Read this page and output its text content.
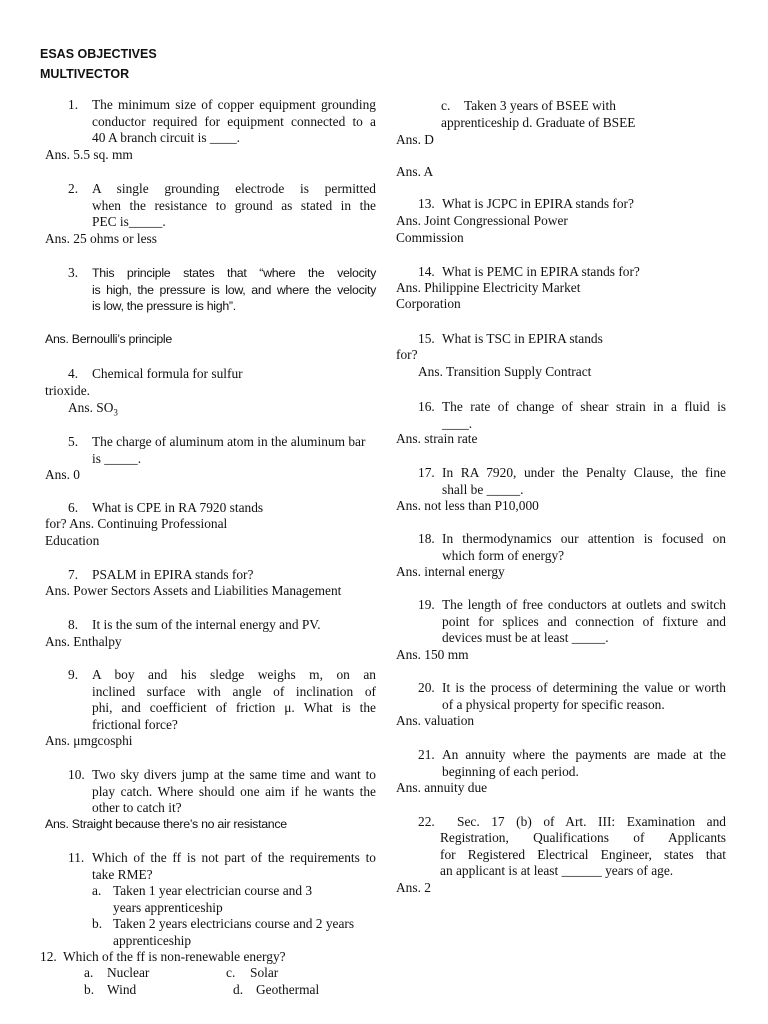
ESAS OBJECTIVES
MULTIVECTOR
1. The minimum size of copper equipment grounding
conductor required for equipment connected to a
40 A branch circuit is ____.
Ans. 5.5 sq. mm
2. A single grounding electrode is permitted
when the resistance to ground as stated in the
PEC is_____.
Ans. 25 ohms or less
3. This principle states that “where the velocity
is high, the pressure is low, and where the velocity
is low, the pressure is high”.
Ans. Bernoulli’s principle
4. Chemical formula for sulfur
trioxide.
Ans. $SO_3$
5. The charge of aluminum atom in the aluminum bar
is _____.
Ans. 0
6. What is CPE in RA 7920 stands
for? Ans. Continuing Professional
Education
7. PSALM in EPIRA stands for?
Ans. Power Sectors Assets and Liabilities Management
8. It is the sum of the internal energy and PV.
Ans. Enthalpy
9. A boy and his sledge weighs m, on an
inclined surface with angle of inclination of
phi, and coefficient of friction μ. What is the
frictional force?
Ans. μmgcosphi
10. Two sky divers jump at the same time and want to
play catch. Where should one aim if he wants the
other to catch it?
Ans. Straight because there’s no air resistance
11. Which of the ff is not part of the requirements to
take RME?
a. Taken 1 year electrician course and 3
years apprenticeship
b. Taken 2 years electricians course and 2 years
apprenticeship
12. Which of the ff is non-renewable energy?
a. Nuclear	c. Solar
b. Wind	d. Geothermal
c. Taken 3 years of BSEE with
apprenticeship d. Graduate of BSEE
Ans. D
Ans. A
13. What is JCPC in EPIRA stands for?
Ans. Joint Congressional Power
Commission
14. What is PEMC in EPIRA stands for?
Ans. Philippine Electricity Market
Corporation
15. What is TSC in EPIRA stands
for?
Ans. Transition Supply Contract
16. The rate of change of shear strain in a fluid is
____.
Ans. strain rate
17. In RA 7920, under the Penalty Clause, the fine
shall be _____.
Ans. not less than P10,000
18. In thermodynamics our attention is focused on
which form of energy?
Ans. internal energy
19. The length of free conductors at outlets and switch
point for splices and connection of fixture and
devices must be at least _____.
Ans. 150 mm
20. It is the process of determining the value or worth
of a physical property for specific reason.
Ans. valuation
21. An annuity where the payments are made at the
beginning of each period.
Ans. annuity due
22. Sec. 17 (b) of Art. III: Examination and
Registration, Qualifications of Applicants
for Registered Electrical Engineer, states that
an applicant is at least ______ years of age.
Ans. 2
